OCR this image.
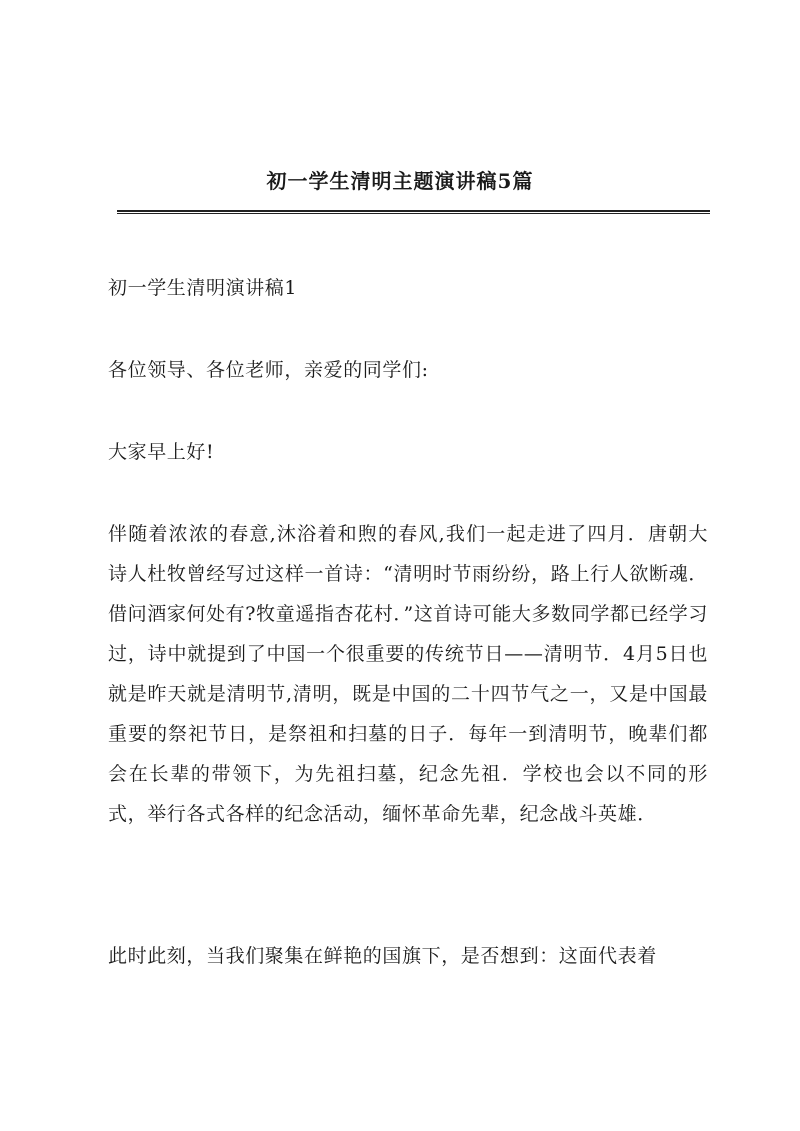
初一学生清明主题演讲稿5篇

初一学生清明演讲稿1

各位领导、各位老师，亲爱的同学们:

大家早上好!

伴随着浓浓的春意,沐浴着和煦的春风,我们一起走进了四月．唐朝大诗人杜牧曾经写过这样一首诗：“清明时节雨纷纷，路上行人欲断魂．借问酒家何处有?牧童遥指杏花村．”这首诗可能大多数同学都已经学习过，诗中就提到了中国一个很重要的传统节日——清明节．4月5日也就是昨天就是清明节,清明，既是中国的二十四节气之一，又是中国最重要的祭祀节日，是祭祖和扫墓的日子．每年一到清明节，晚辈们都会在长辈的带领下，为先祖扫墓，纪念先祖．学校也会以不同的形式，举行各式各样的纪念活动，缅怀革命先辈，纪念战斗英雄．

此时此刻，当我们聚集在鲜艳的国旗下，是否想到：这面代表着
